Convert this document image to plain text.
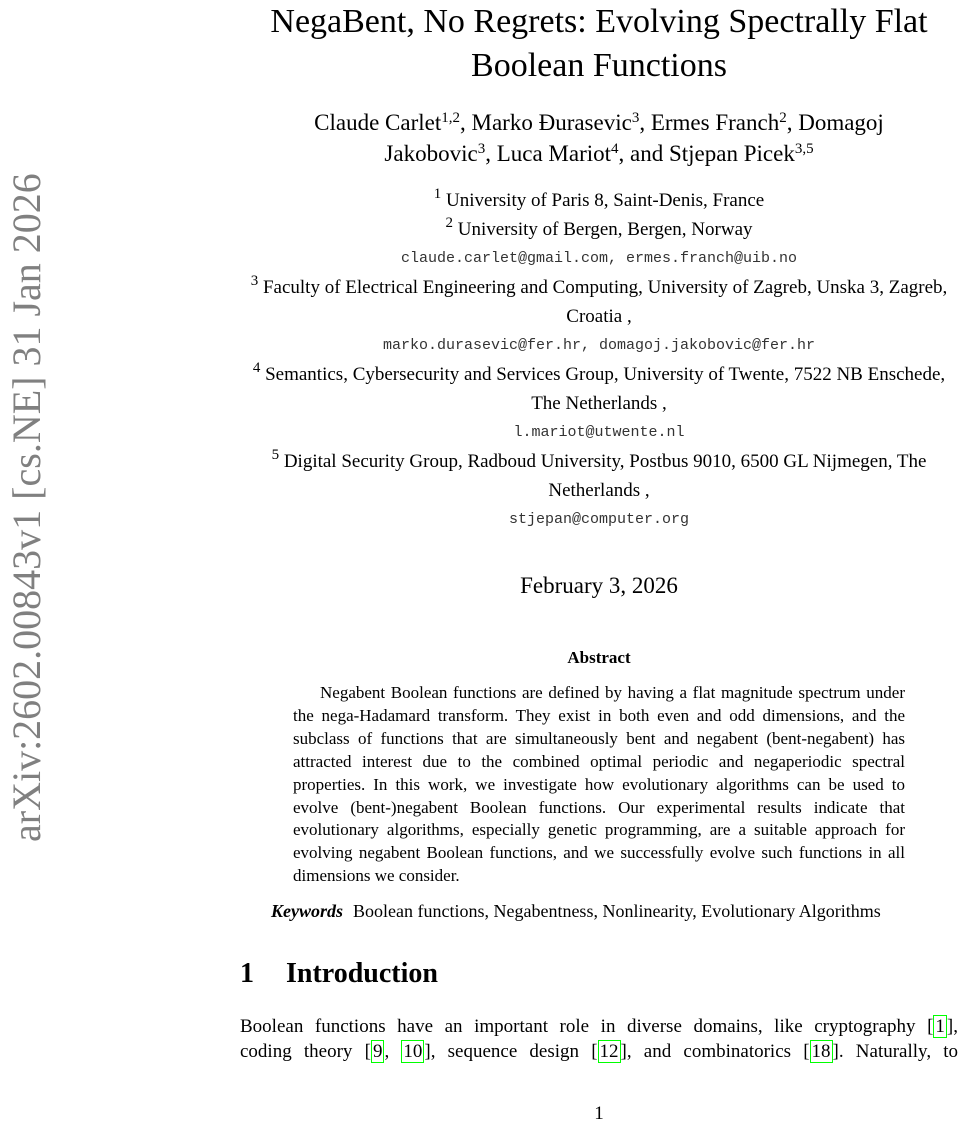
arXiv:2602.00843v1 [cs.NE] 31 Jan 2026
NegaBent, No Regrets: Evolving Spectrally Flat
Boolean Functions
Claude Carlet$^{1,2}$, Marko Đurasevic$^3$, Ermes Franch$^2$, Domagoj
Jakobovic$^3$, Luca Mariot$^4$, and Stjepan Picek$^{3,5}$
$^1$ University of Paris 8, Saint-Denis, France
$^2$ University of Bergen, Bergen, Norway
claude.carlet@gmail.com, ermes.franch@uib.no
$^3$ Faculty of Electrical Engineering and Computing, University of Zagreb, Unska 3, Zagreb, Croatia ,
marko.durasevic@fer.hr, domagoj.jakobovic@fer.hr
$^4$ Semantics, Cybersecurity and Services Group, University of Twente, 7522 NB Enschede, The Netherlands ,
l.mariot@utwente.nl
$^5$ Digital Security Group, Radboud University, Postbus 9010, 6500 GL Nijmegen, The Netherlands ,
stjepan@computer.org
February 3, 2026
Abstract
Negabent Boolean functions are defined by having a flat magnitude spectrum under the nega-Hadamard transform. They exist in both even and odd dimensions, and the subclass of functions that are simultaneously bent and negabent (bent-negabent) has attracted interest due to the combined optimal periodic and negaperiodic spectral properties. In this work, we investigate how evolutionary algorithms can be used to evolve (bent-)negabent Boolean functions. Our experimental results indicate that evolutionary algorithms, especially genetic programming, are a suitable approach for evolving negabent Boolean functions, and we successfully evolve such functions in all dimensions we consider.
Keywords Boolean functions, Negabentness, Nonlinearity, Evolutionary Algorithms
1 Introduction
Boolean functions have an important role in diverse domains, like cryptography [ 1 ],
coding theory [ 9 , 10 ], sequence design [ 12 ], and combinatorics [ 18 ]. Naturally, to
1
